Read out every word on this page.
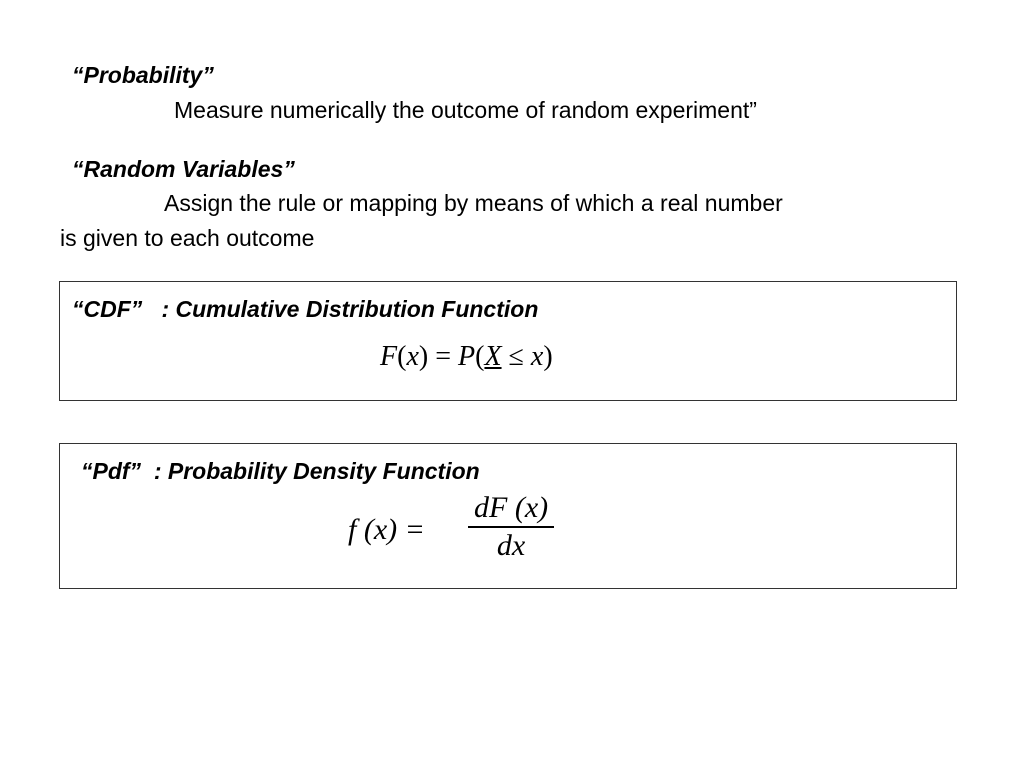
“Probability”
Measure numerically the outcome of random experiment”
“Random Variables”
Assign the rule or mapping by means of which a real number
is given to each outcome
“CDF”   : Cumulative Distribution Function
F(x) = P(X ≤ x)
“Pdf”  : Probability Density Function
f (x) =
dF (x)
dx
